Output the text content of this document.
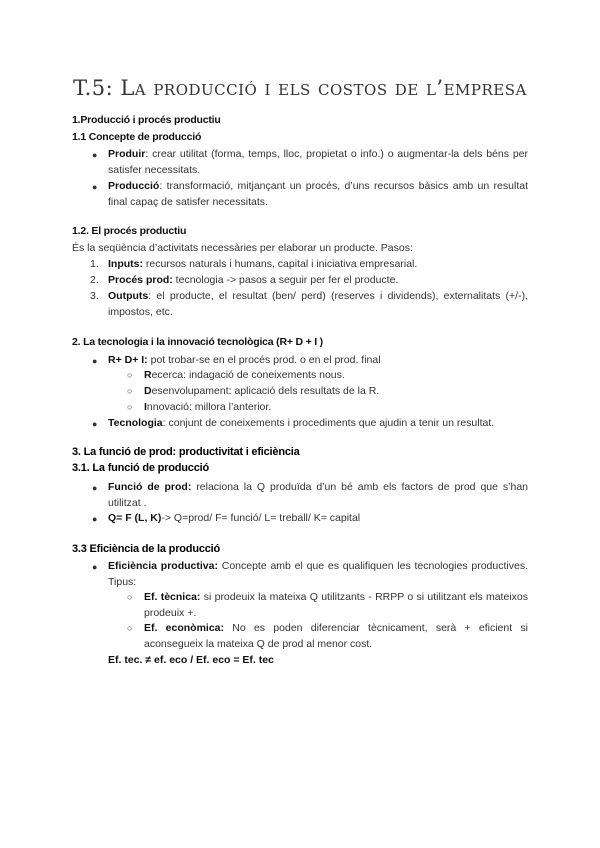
T.5: La producció i els costos de l’empresa
1.Producció i procés productiu
1.1 Concepte de producció
● Produir: crear utilitat (forma, temps, lloc, propietat o info.) o augmentar-la dels béns per satisfer necessitats.
● Producció: transformació, mitjançant un procés, d’uns recursos bàsics amb un resultat final capaç de satisfer necessitats.
1.2. El procés productiu
És la seqüència d’activitats necessàries per elaborar un producte. Pasos:
1. Inputs: recursos naturals i humans, capital i iniciativa empresarial.
2. Procés prod: tecnologia -> pasos a seguir per fer el producte.
3. Outputs: el producte, el resultat (ben/ perd) (reserves i dividends), externalitats (+/-), impostos, etc.
2. La tecnologia i la innovació tecnològica (R+ D + I )
● R+ D+ I: pot trobar-se en el procés prod. o en el prod. final
○ Recerca: indagació de coneixements nous.
○ Desenvolupament: aplicació dels resultats de la R.
○ Innovació: millora l’anterior.
● Tecnologia: conjunt de coneixements i procediments que ajudin a tenir un resultat.
3. La funció de prod: productivitat i eficiència
3.1. La funció de producció
● Funció de prod: relaciona la Q produïda d’un bé amb els factors de prod que s’han utilitzat .
● Q= F (L, K)-> Q=prod/ F= funció/ L= treball/ K= capital
3.3 Eficiència de la producció
● Eficiència productiva: Concepte amb el que es qualifiquen les tecnologies productives. Tipus:
○ Ef. tècnica: si prodeuix la mateixa Q utilitzants - RRPP o si utilitzant els mateixos prodeuix +.
○ Ef. econòmica: No es poden diferenciar tècnicament, serà + eficient si aconsegueix la mateixa Q de prod al menor cost.
Ef. tec. ≠ ef. eco / Ef. eco = Ef. tec
